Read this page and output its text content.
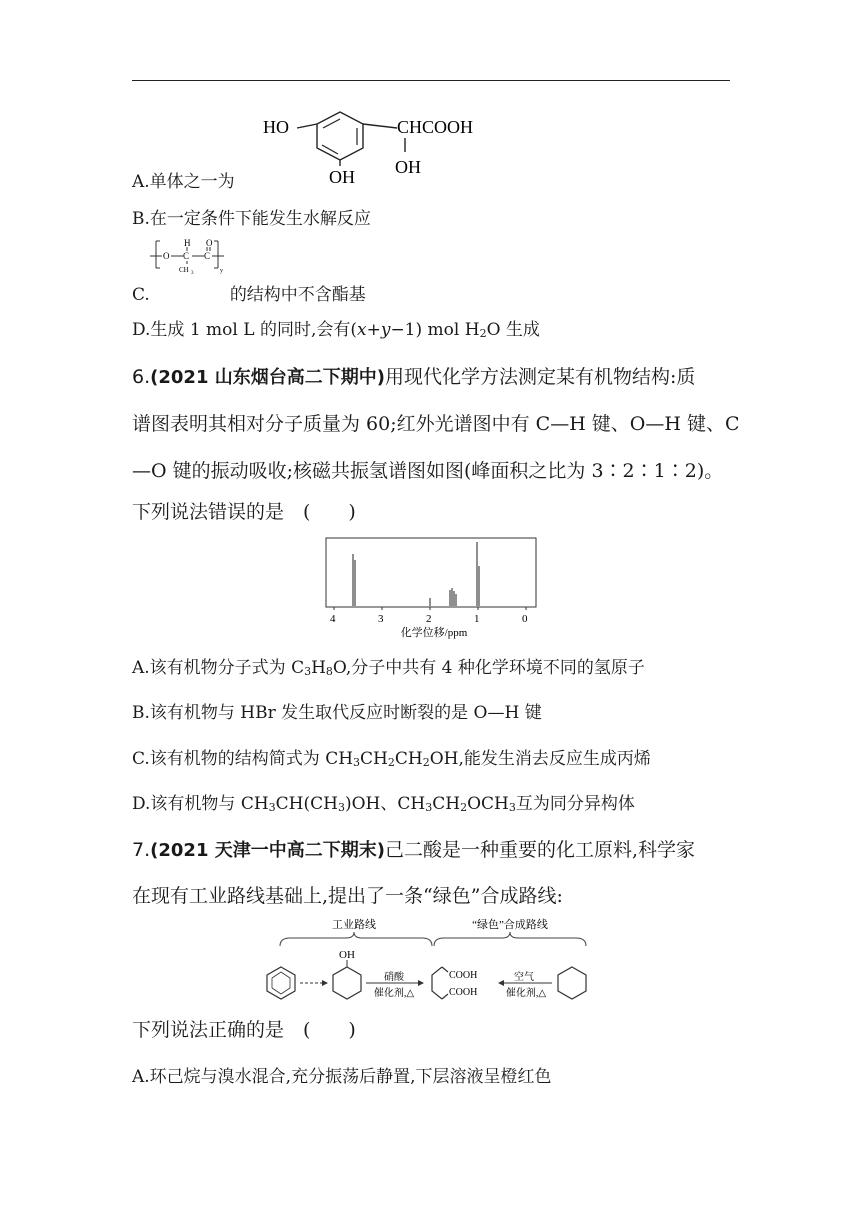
HO	CHCOOH
OH OH
A.单体之一为
B.在一定条件下能发生水解反应
H O
O C
CH 3
C
y
C.	的结构中不含酯基
D.生成 1 mol L 的同时,会有(x+y−1) mol $H_2O$ 生成
6.(2021 山东烟台高二下期中)用现代化学方法测定某有机物结构:质
谱图表明其相对分子质量为 60;红外光谱图中有 C—H 键、O—H 键、C
—O 键的振动吸收;核磁共振氢谱图如图(峰面积之比为 3∶2∶1∶2)。
下列说法错误的是　(　　)
4	3	2	1	0
化学位移/ppm
A.该有机物分子式为 $C_3H_8O$,分子中共有 4 种化学环境不同的氢原子
B.该有机物与 HBr 发生取代反应时断裂的是 O—H 键
C.该有机物的结构简式为 $CH_3CH_2CH_2OH$,能发生消去反应生成丙烯
D.该有机物与 $CH_3CH(CH_3)OH$、$CH_3CH_2OCH_3$互为同分异构体
7.(2021 天津一中高二下期末)己二酸是一种重要的化工原料,科学家
在现有工业路线基础上,提出了一条“绿色”合成路线:
工业路线	“绿色”合成路线
OH
硝酸
催化剂,△
COOH
COOH
空气
催化剂,△
下列说法正确的是　(　　)
A.环己烷与溴水混合,充分振荡后静置,下层溶液呈橙红色
